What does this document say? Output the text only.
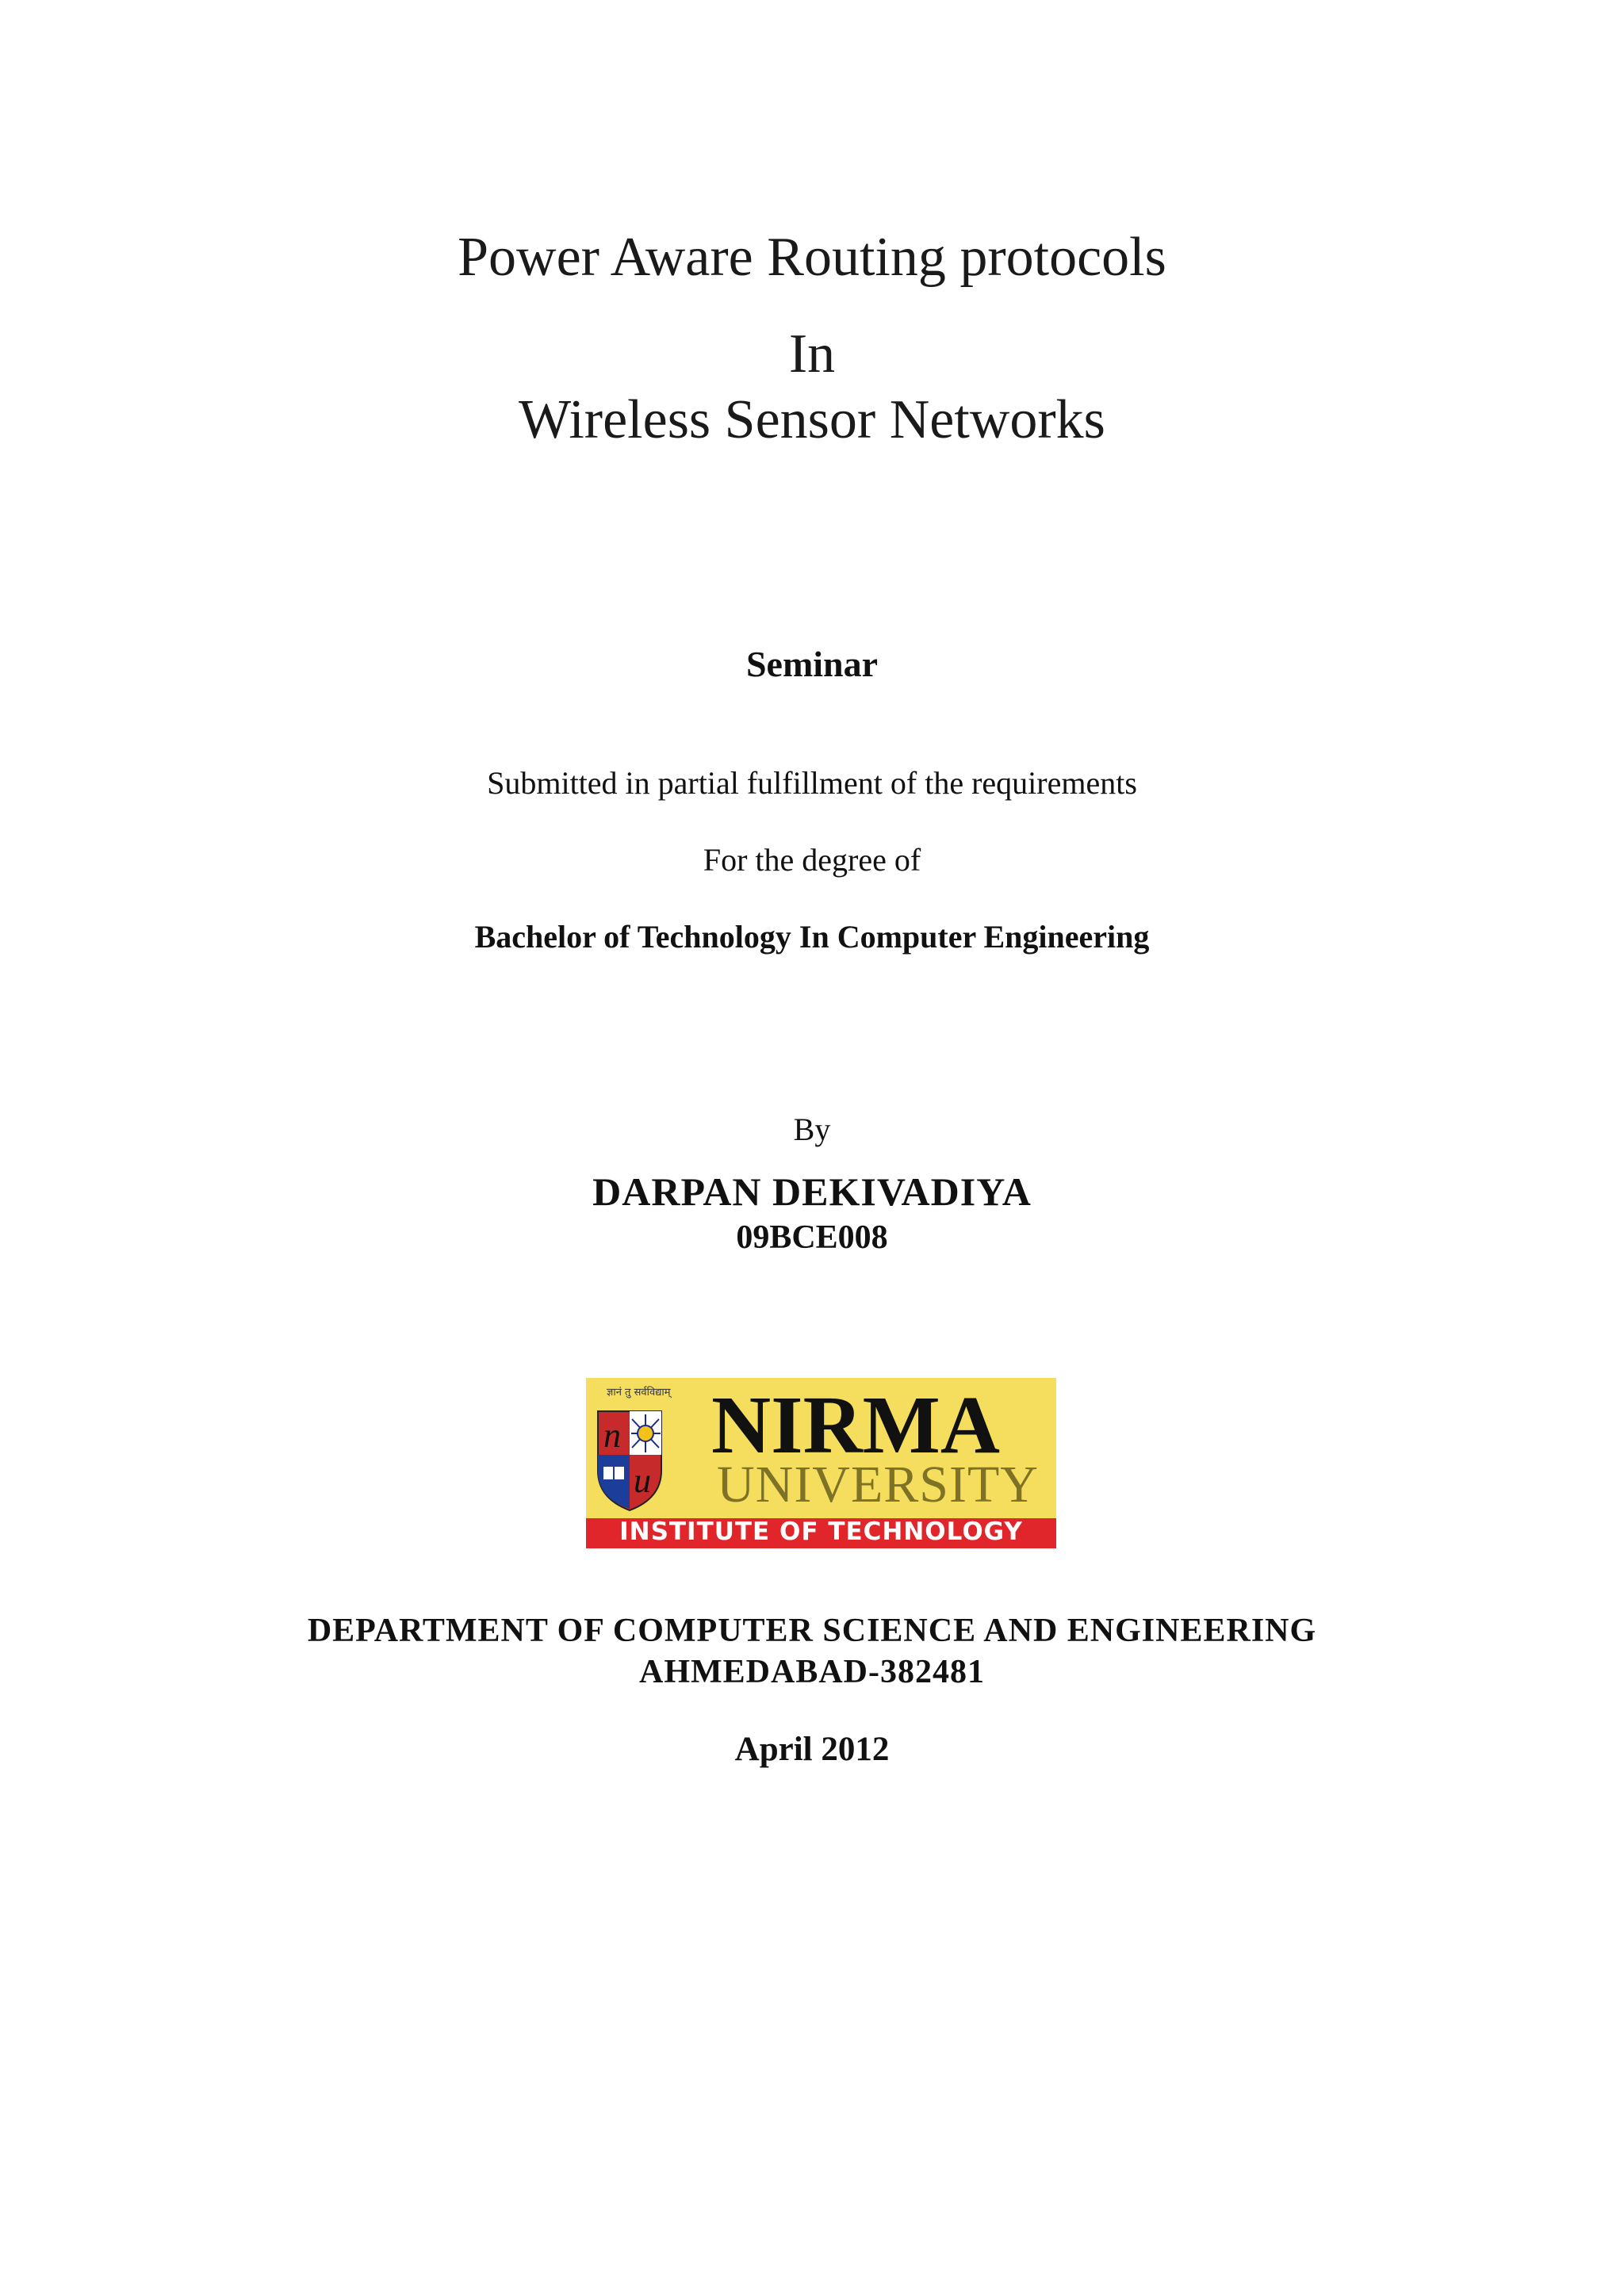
Power Aware Routing protocols
In
Wireless Sensor Networks
Seminar
Submitted in partial fulfillment of the requirements
For the degree of
Bachelor of Technology In Computer Engineering
By
DARPAN DEKIVADIYA
09BCE008
ज्ञानं तु सर्वविद्याम्
n
u
NIRMA
UNIVERSITY
INSTITUTE OF TECHNOLOGY
DEPARTMENT OF COMPUTER SCIENCE AND ENGINEERING
AHMEDABAD-382481
April 2012
